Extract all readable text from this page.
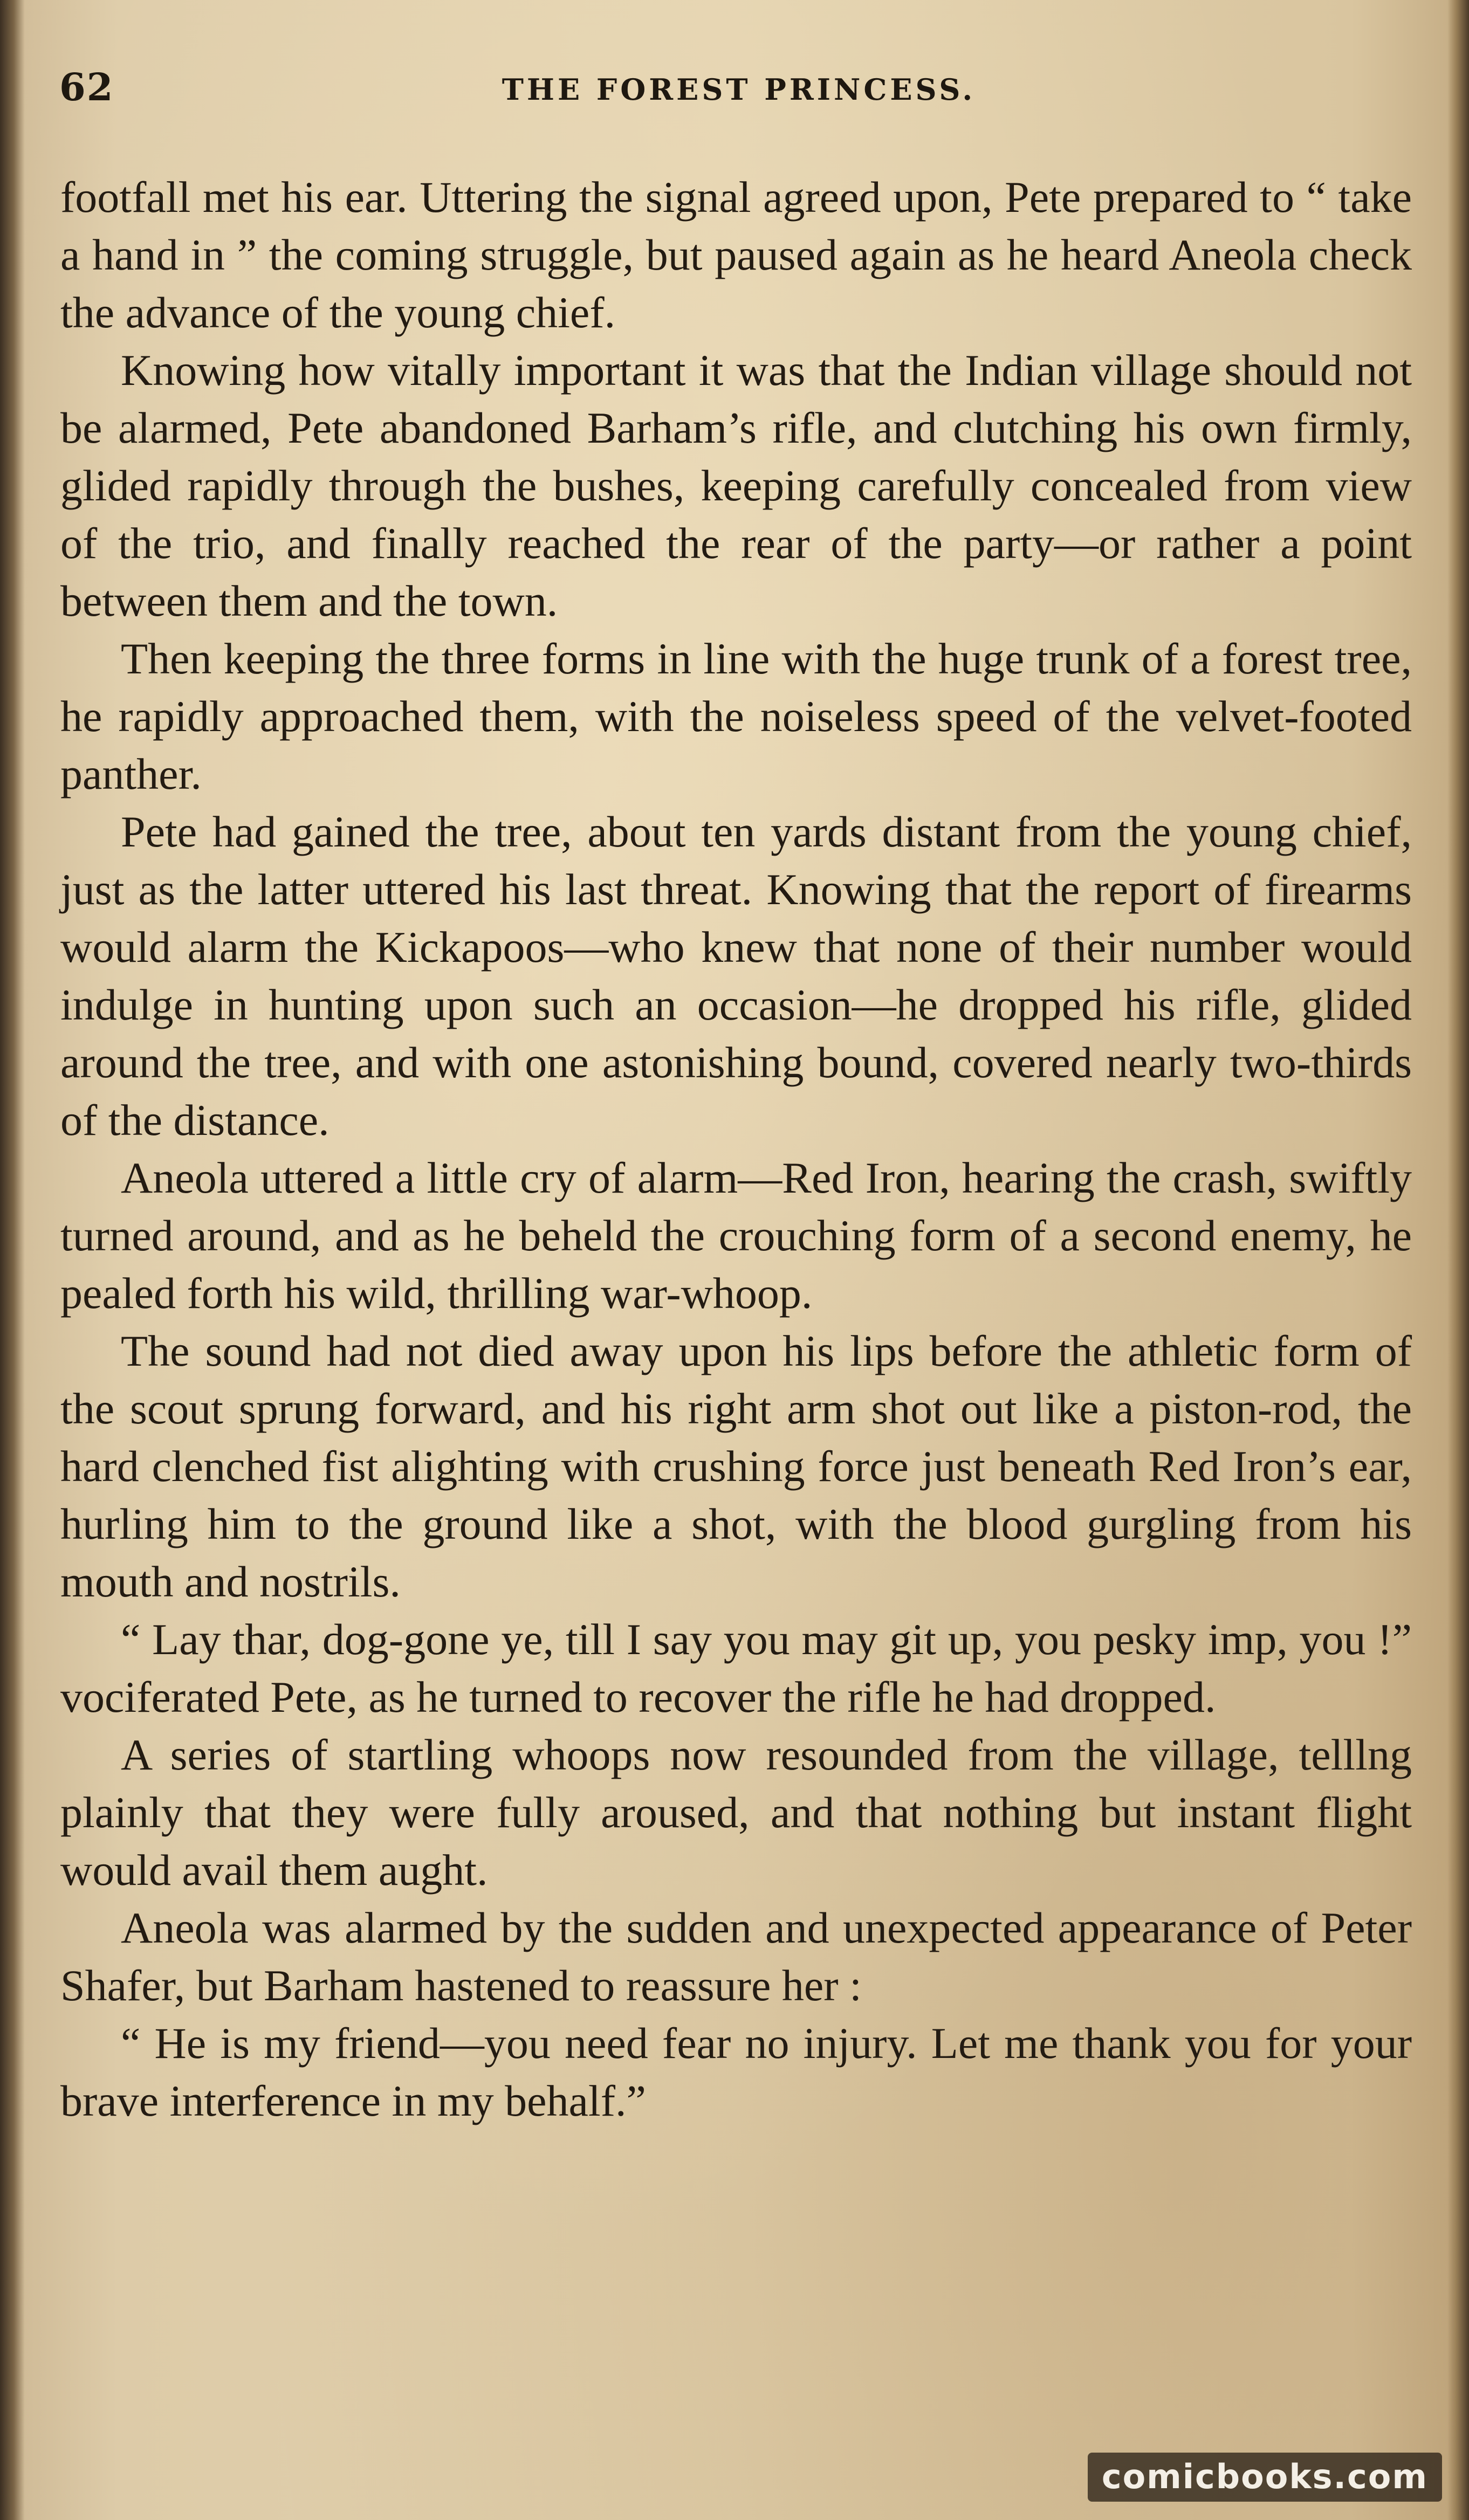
62	THE FOREST PRINCESS.

footfall met his ear. Uttering the signal agreed upon, Pete prepared to “ take a hand in ” the coming struggle, but paused again as he heard Aneola check the advance of the young chief.

Knowing how vitally important it was that the Indian village should not be alarmed, Pete abandoned Barham’s rifle, and clutching his own firmly, glided rapidly through the bushes, keeping carefully concealed from view of the trio, and finally reached the rear of the party—or rather a point between them and the town.

Then keeping the three forms in line with the huge trunk of a forest tree, he rapidly approached them, with the noiseless speed of the velvet-footed panther.

Pete had gained the tree, about ten yards distant from the young chief, just as the latter uttered his last threat. Knowing that the report of firearms would alarm the Kickapoos—who knew that none of their number would indulge in hunting upon such an occasion—he dropped his rifle, glided around the tree, and with one astonishing bound, covered nearly two-thirds of the distance.

Aneola uttered a little cry of alarm—Red Iron, hearing the crash, swiftly turned around, and as he beheld the crouching form of a second enemy, he pealed forth his wild, thrilling war-whoop.

The sound had not died away upon his lips before the athletic form of the scout sprung forward, and his right arm shot out like a piston-rod, the hard clenched fist alighting with crushing force just beneath Red Iron’s ear, hurling him to the ground like a shot, with the blood gurgling from his mouth and nostrils.

“ Lay thar, dog-gone ye, till I say you may git up, you pesky imp, you !” vociferated Pete, as he turned to recover the rifle he had dropped.

A series of startling whoops now resounded from the village, telllng plainly that they were fully aroused, and that nothing but instant flight would avail them aught.

Aneola was alarmed by the sudden and unexpected appearance of Peter Shafer, but Barham hastened to reassure her :

“ He is my friend—you need fear no injury. Let me thank you for your brave interference in my behalf.”

comicbooks.com
